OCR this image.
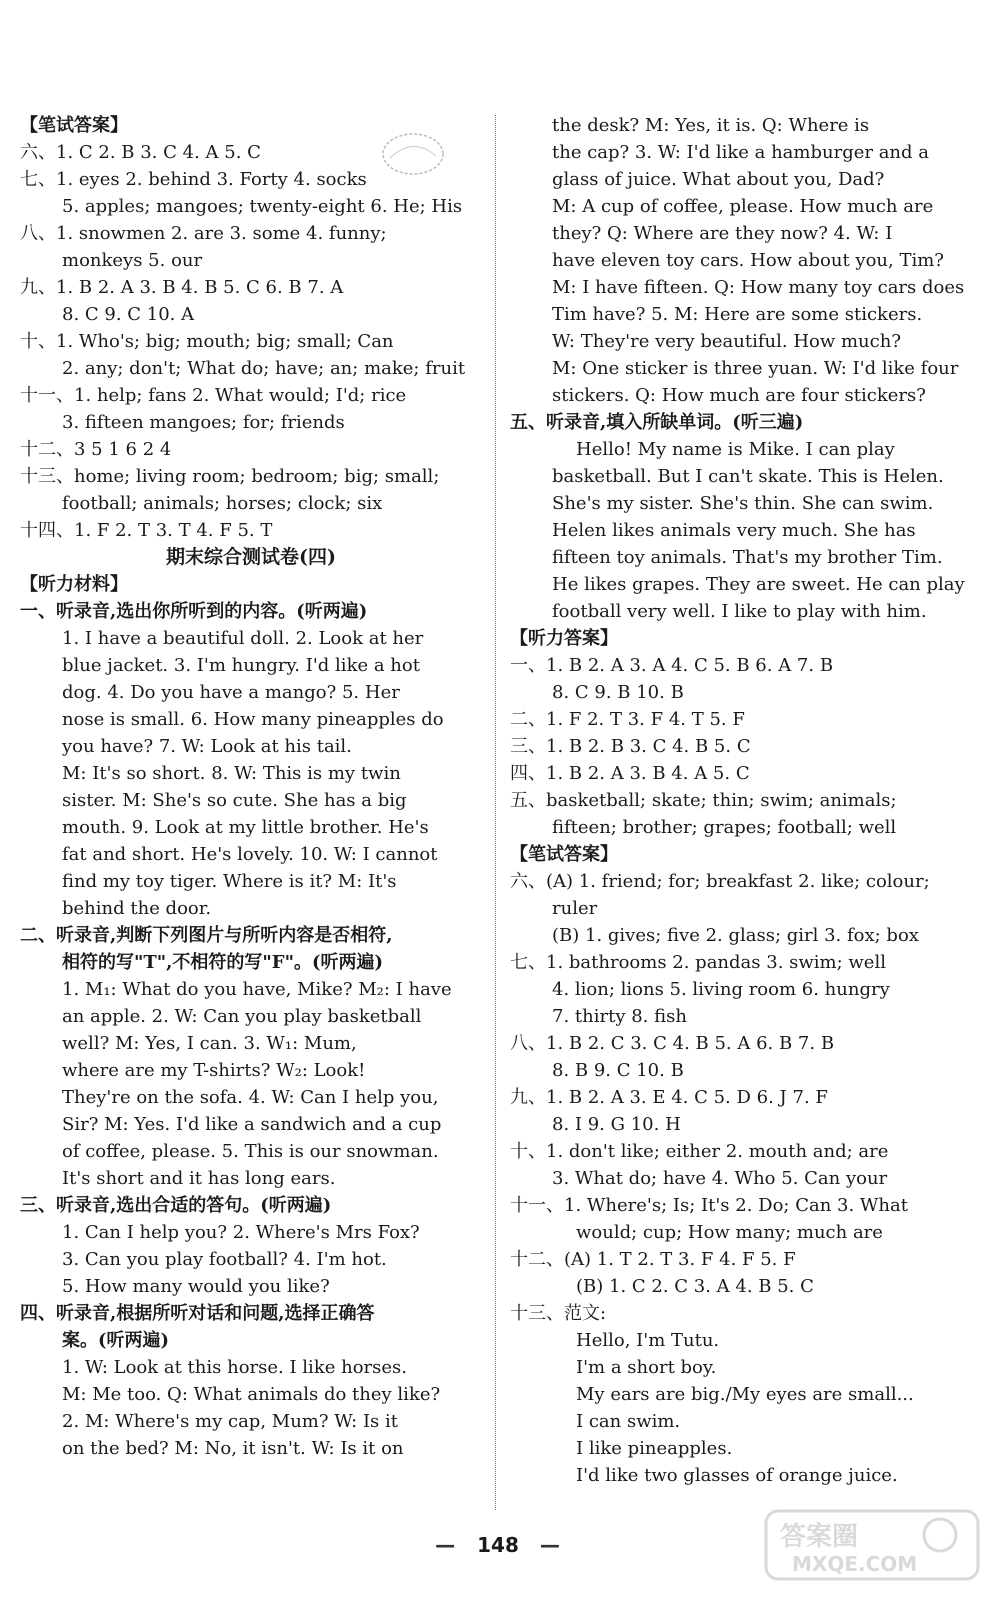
【笔试答案】
六、1. C 2. B 3. C 4. A 5. C
七、1. eyes 2. behind 3. Forty 4. socks
5. apples; mangoes; twenty-eight 6. He; His
八、1. snowmen 2. are 3. some 4. funny;
monkeys 5. our
九、1. B 2. A 3. B 4. B 5. C 6. B 7. A
8. C 9. C 10. A
十、1. Who's; big; mouth; big; small; Can
2. any; don't; What do; have; an; make; fruit
十一、1. help; fans 2. What would; I'd; rice
3. fifteen mangoes; for; friends
十二、3 5 1 6 2 4
十三、home; living room; bedroom; big; small;
football; animals; horses; clock; six
十四、1. F 2. T 3. T 4. F 5. T
期末综合测试卷(四)
【听力材料】
一、听录音,选出你所听到的内容。(听两遍)
1. I have a beautiful doll. 2. Look at her
blue jacket. 3. I'm hungry. I'd like a hot
dog. 4. Do you have a mango? 5. Her
nose is small. 6. How many pineapples do
you have? 7. W: Look at his tail.
M: It's so short. 8. W: This is my twin
sister. M: She's so cute. She has a big
mouth. 9. Look at my little brother. He's
fat and short. He's lovely. 10. W: I cannot
find my toy tiger. Where is it? M: It's
behind the door.
二、听录音,判断下列图片与所听内容是否相符,
相符的写"T",不相符的写"F"。(听两遍)
1. M₁: What do you have, Mike? M₂: I have
an apple. 2. W: Can you play basketball
well? M: Yes, I can. 3. W₁: Mum,
where are my T-shirts? W₂: Look!
They're on the sofa. 4. W: Can I help you,
Sir? M: Yes. I'd like a sandwich and a cup
of coffee, please. 5. This is our snowman.
It's short and it has long ears.
三、听录音,选出合适的答句。(听两遍)
1. Can I help you? 2. Where's Mrs Fox?
3. Can you play football? 4. I'm hot.
5. How many would you like?
四、听录音,根据所听对话和问题,选择正确答
案。(听两遍)
1. W: Look at this horse. I like horses.
M: Me too. Q: What animals do they like?
2. M: Where's my cap, Mum? W: Is it
on the bed? M: No, it isn't. W: Is it on
the desk? M: Yes, it is. Q: Where is
the cap? 3. W: I'd like a hamburger and a
glass of juice. What about you, Dad?
M: A cup of coffee, please. How much are
they? Q: Where are they now? 4. W: I
have eleven toy cars. How about you, Tim?
M: I have fifteen. Q: How many toy cars does
Tim have? 5. M: Here are some stickers.
W: They're very beautiful. How much?
M: One sticker is three yuan. W: I'd like four
stickers. Q: How much are four stickers?
五、听录音,填入所缺单词。(听三遍)
Hello! My name is Mike. I can play
basketball. But I can't skate. This is Helen.
She's my sister. She's thin. She can swim.
Helen likes animals very much. She has
fifteen toy animals. That's my brother Tim.
He likes grapes. They are sweet. He can play
football very well. I like to play with him.
【听力答案】
一、1. B 2. A 3. A 4. C 5. B 6. A 7. B
8. C 9. B 10. B
二、1. F 2. T 3. F 4. T 5. F
三、1. B 2. B 3. C 4. B 5. C
四、1. B 2. A 3. B 4. A 5. C
五、basketball; skate; thin; swim; animals;
fifteen; brother; grapes; football; well
【笔试答案】
六、(A) 1. friend; for; breakfast 2. like; colour;
ruler
(B) 1. gives; five 2. glass; girl 3. fox; box
七、1. bathrooms 2. pandas 3. swim; well
4. lion; lions 5. living room 6. hungry
7. thirty 8. fish
八、1. B 2. C 3. C 4. B 5. A 6. B 7. B
8. B 9. C 10. B
九、1. B 2. A 3. E 4. C 5. D 6. J 7. F
8. I 9. G 10. H
十、1. don't like; either 2. mouth and; are
3. What do; have 4. Who 5. Can your
十一、1. Where's; Is; It's 2. Do; Can 3. What
would; cup; How many; much are
十二、(A) 1. T 2. T 3. F 4. F 5. F
(B) 1. C 2. C 3. A 4. B 5. C
十三、范文:
Hello, I'm Tutu.
I'm a short boy.
My ears are big./My eyes are small...
I can swim.
I like pineapples.
I'd like two glasses of orange juice.
— 148 —	答案圈
MXQE.COM
